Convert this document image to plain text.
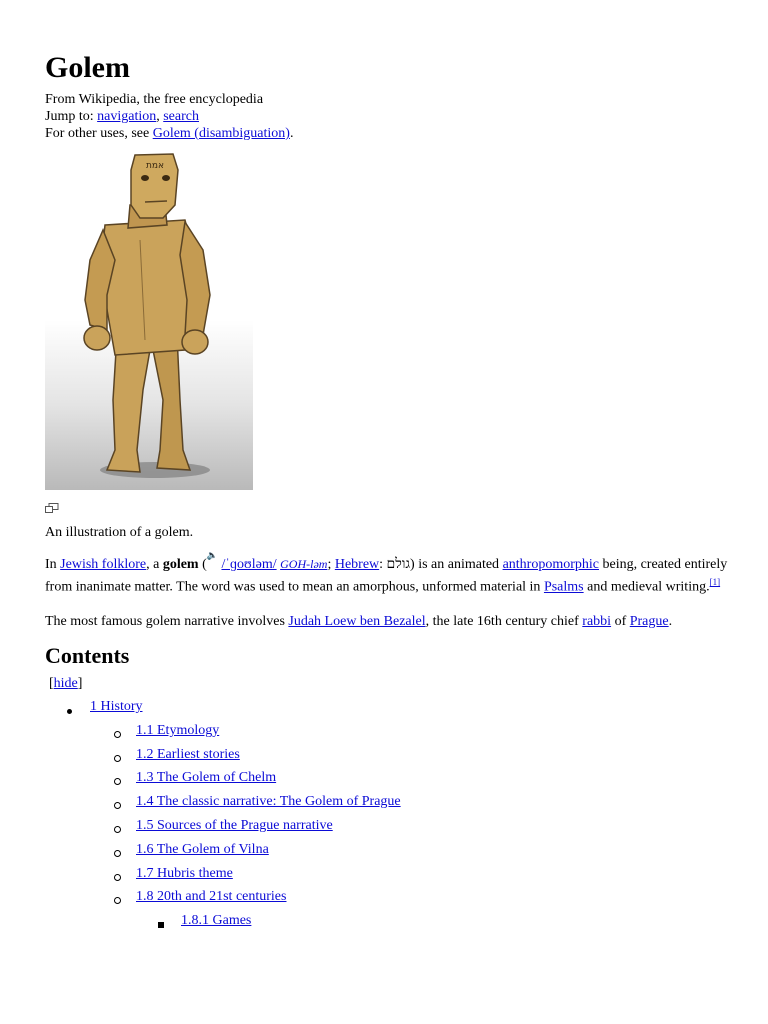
Golem
From Wikipedia, the free encyclopedia
Jump to: navigation, search
For other uses, see Golem (disambiguation).
אמת
An illustration of a golem.
In Jewish folklore, a golem (🔈 /ˈɡoʊləm/ GOH-ləm; Hebrew: גולם) is an animated anthropomorphic being, created entirely from inanimate matter. The word was used to mean an amorphous, unformed material in Psalms and medieval writing.[1]
The most famous golem narrative involves Judah Loew ben Bezalel, the late 16th century chief rabbi of Prague.
Contents
[hide]
1 History
1.1 Etymology
1.2 Earliest stories
1.3 The Golem of Chelm
1.4 The classic narrative: The Golem of Prague
1.5 Sources of the Prague narrative
1.6 The Golem of Vilna
1.7 Hubris theme
1.8 20th and 21st centuries
1.8.1 Games
